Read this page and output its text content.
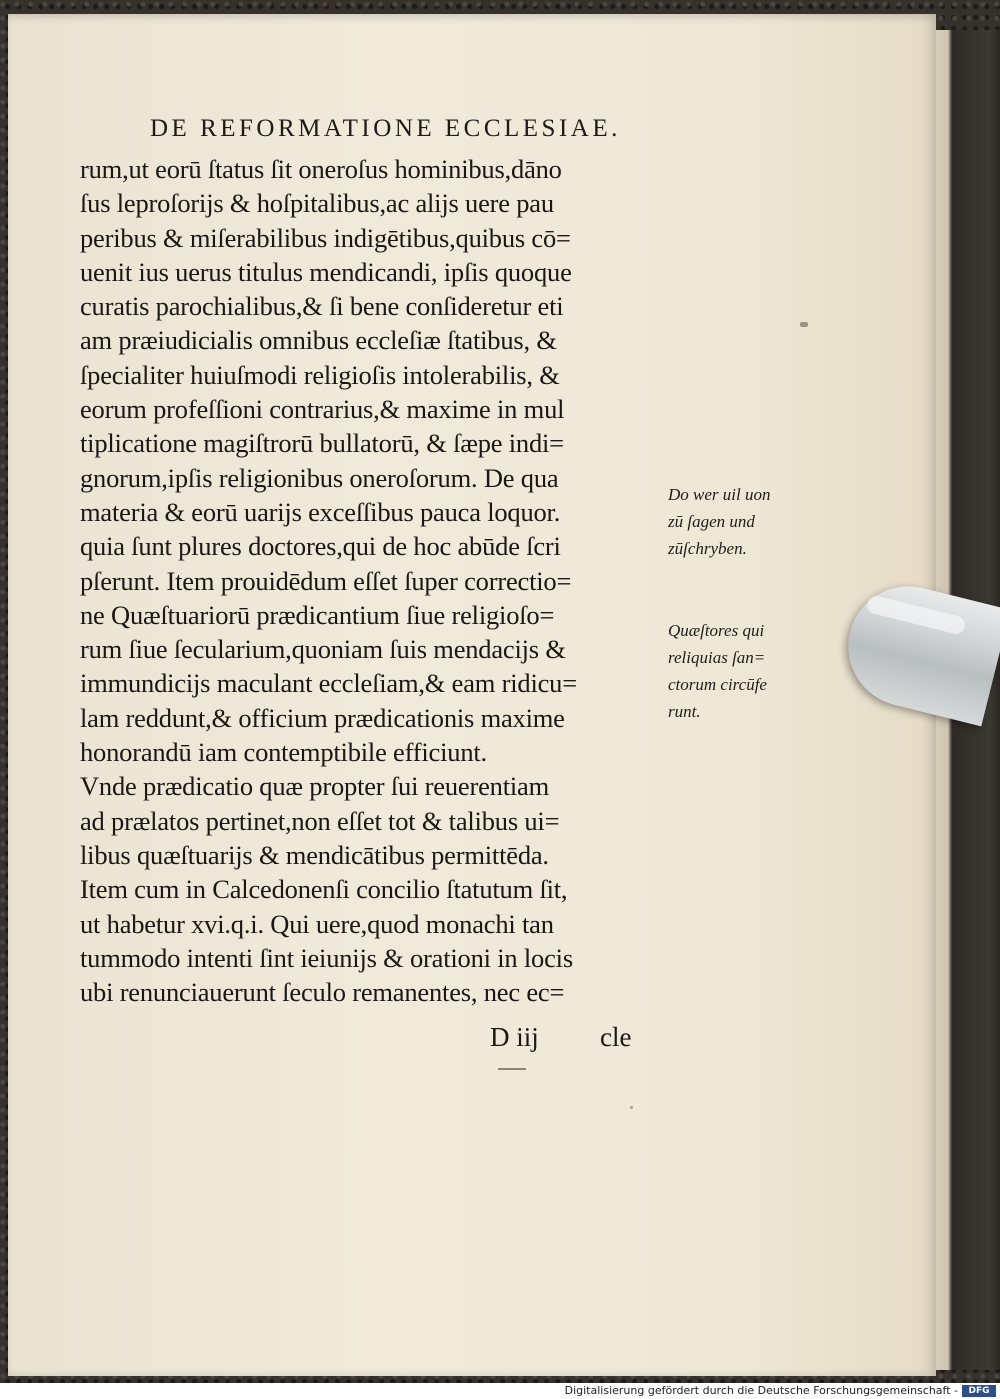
DE REFORMATIONE ECCLESIAE.
rum,ut eorū ſtatus ſit oneroſus hominibus,dāno
ſus leproſorijs & hoſpitalibus,ac alijs uere pau
peribus & miſerabilibus indigētibus,quibus cō=
uenit ius uerus titulus mendicandi, ipſis quoque
curatis parochialibus,& ſi bene conſideretur eti
am præiudicialis omnibus eccleſiæ ſtatibus, &
ſpecialiter huiuſmodi religioſis intolerabilis, &
eorum profeſſioni contrarius,& maxime in mul
tiplicatione magiſtrorū bullatorū, & ſæpe indi=
gnorum,ipſis religionibus oneroſorum. De qua
materia & eorū uarijs exceſſibus pauca loquor.
quia ſunt plures doctores,qui de hoc abūde ſcri
pſerunt. Item prouidēdum eſſet ſuper correctio=
ne Quæſtuariorū prædicantium ſiue religioſo=
rum ſiue ſecularium,quoniam ſuis mendacijs &
immundicijs maculant eccleſiam,& eam ridicu=
lam reddunt,& officium prædicationis maxime
honorandū iam contemptibile efficiunt.
Vnde prædicatio quæ propter ſui reuerentiam
ad prælatos pertinet,non eſſet tot & talibus ui=
libus quæſtuarijs & mendicātibus permittēda.
Item cum in Calcedonenſi concilio ſtatutum ſit,
ut habetur xvi.q.i. Qui uere,quod monachi tan
tummodo intenti ſint ieiunijs & orationi in locis
ubi renunciauerunt ſeculo remanentes, nec ec=
D iij cle
Do wer uil uon
zū ſagen und
zūſchryben.
Quæſtores qui
reliquias ſan=
ctorum circūfe
runt.
Digitalisierung gefördert durch die Deutsche Forschungsgemeinschaft -	DFG
